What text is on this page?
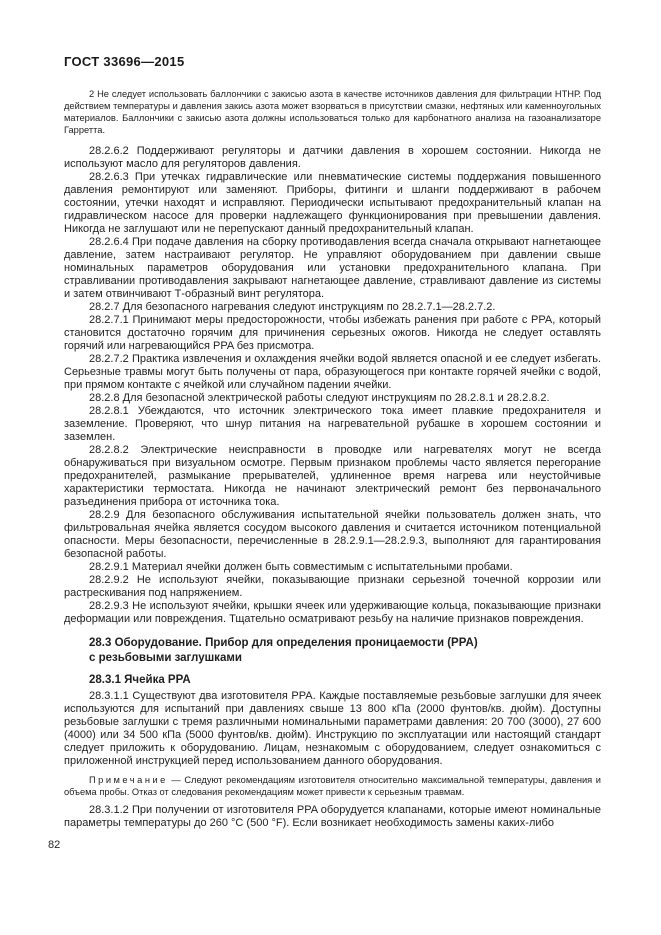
ГОСТ 33696—2015

2 Не следует использовать баллончики с закисью азота в качестве источников давления для фильтрации НТНР. Под действием температуры и давления закись азота может взорваться в присутствии смазки, нефтяных или каменноугольных материалов. Баллончики с закисью азота должны использоваться только для карбонатного анализа на газоанализаторе Гарретта.

28.2.6.2 Поддерживают регуляторы и датчики давления в хорошем состоянии. Никогда не используют масло для регуляторов давления.

28.2.6.3 При утечках гидравлические или пневматические системы поддержания повышенного давления ремонтируют или заменяют. Приборы, фитинги и шланги поддерживают в рабочем состоянии, утечки находят и исправляют. Периодически испытывают предохранительный клапан на гидравлическом насосе для проверки надлежащего функционирования при превышении давления. Никогда не заглушают или не перепускают данный предохранительный клапан.

28.2.6.4 При подаче давления на сборку противодавления всегда сначала открывают нагнетающее давление, затем настраивают регулятор. Не управляют оборудованием при давлении свыше номинальных параметров оборудования или установки предохранительного клапана. При стравливании противодавления закрывают нагнетающее давление, стравливают давление из системы и затем отвинчивают Т-образный винт регулятора.

28.2.7 Для безопасного нагревания следуют инструкциям по 28.2.7.1—28.2.7.2.

28.2.7.1 Принимают меры предосторожности, чтобы избежать ранения при работе с PPA, который становится достаточно горячим для причинения серьезных ожогов. Никогда не следует оставлять горячий или нагревающийся PPA без присмотра.

28.2.7.2 Практика извлечения и охлаждения ячейки водой является опасной и ее следует избегать. Серьезные травмы могут быть получены от пара, образующегося при контакте горячей ячейки с водой, при прямом контакте с ячейкой или случайном падении ячейки.

28.2.8 Для безопасной электрической работы следуют инструкциям по 28.2.8.1 и 28.2.8.2.

28.2.8.1 Убеждаются, что источник электрического тока имеет плавкие предохранителя и заземление. Проверяют, что шнур питания на нагревательной рубашке в хорошем состоянии и заземлен.

28.2.8.2 Электрические неисправности в проводке или нагревателях могут не всегда обнаруживаться при визуальном осмотре. Первым признаком проблемы часто является перегорание предохранителей, размыкание прерывателей, удлиненное время нагрева или неустойчивые характеристики термостата. Никогда не начинают электрический ремонт без первоначального разъединения прибора от источника тока.

28.2.9 Для безопасного обслуживания испытательной ячейки пользователь должен знать, что фильтровальная ячейка является сосудом высокого давления и считается источником потенциальной опасности. Меры безопасности, перечисленные в 28.2.9.1—28.2.9.3, выполняют для гарантирования безопасной работы.

28.2.9.1 Материал ячейки должен быть совместимым с испытательными пробами.

28.2.9.2 Не используют ячейки, показывающие признаки серьезной точечной коррозии или растрескивания под напряжением.

28.2.9.3 Не используют ячейки, крышки ячеек или удерживающие кольца, показывающие признаки деформации или повреждения. Тщательно осматривают резьбу на наличие признаков повреждения.

28.3 Оборудование. Прибор для определения проницаемости (PPA)
с резьбовыми заглушками
28.3.1 Ячейка PPA

28.3.1.1 Существуют два изготовителя PPA. Каждые поставляемые резьбовые заглушки для ячеек используются для испытаний при давлениях свыше 13 800 кПа (2000 фунтов/кв. дюйм). Доступны резьбовые заглушки с тремя различными номинальными параметрами давления: 20 700 (3000), 27 600 (4000) или 34 500 кПа (5000 фунтов/кв. дюйм). Инструкцию по эксплуатации или настоящий стандарт следует приложить к оборудованию. Лицам, незнакомым с оборудованием, следует ознакомиться с приложенной инструкцией перед использованием данного оборудования.

Примечание — Следуют рекомендациям изготовителя относительно максимальной температуры, давления и объема пробы. Отказ от следования рекомендациям может привести к серьезным травмам.

28.3.1.2 При получении от изготовителя PPA оборудуется клапанами, которые имеют номинальные параметры температуры до 260 °C (500 °F). Если возникает необходимость замены каких-либо

82
